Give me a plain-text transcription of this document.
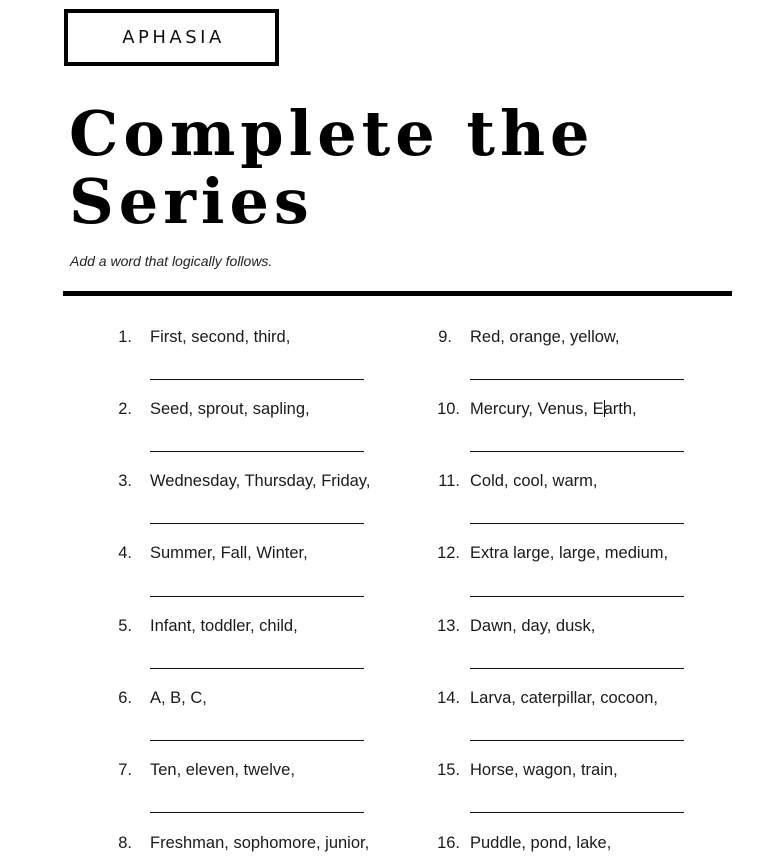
APHASIA
Complete the
Series
Add a word that logically follows.
1. First, second, third,
2. Seed, sprout, sapling,
3. Wednesday, Thursday, Friday,
4. Summer, Fall, Winter,
5. Infant, toddler, child,
6. A, B, C,
7. Ten, eleven, twelve,
8. Freshman, sophomore, junior,
9. Red, orange, yellow,
10. Mercury, Venus, Earth,
11. Cold, cool, warm,
12. Extra large, large, medium,
13. Dawn, day, dusk,
14. Larva, caterpillar, cocoon,
15. Horse, wagon, train,
16. Puddle, pond, lake,
